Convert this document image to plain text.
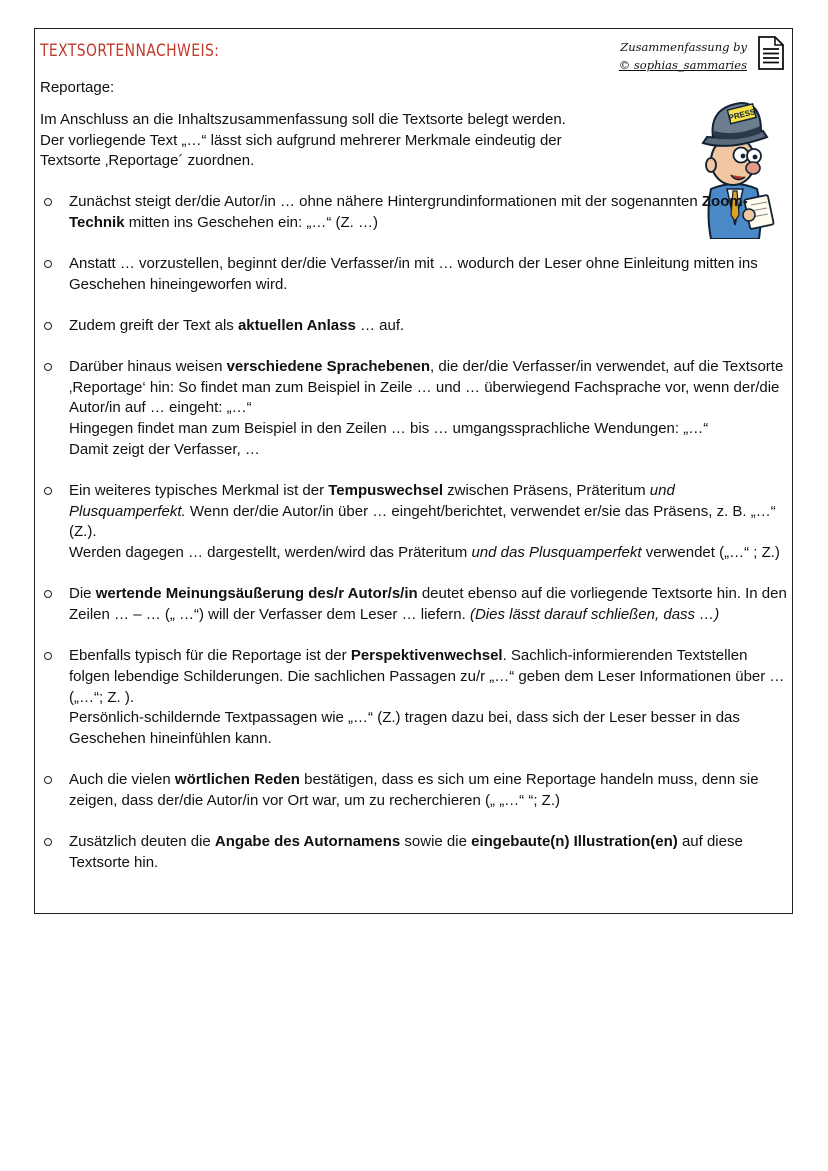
TEXTSORTENNACHWEIS:	Zusammenfassung by
© sophias_sammaries
Reportage:
Im Anschluss an die Inhaltszusammenfassung soll die Textsorte belegt werden.
Der vorliegende Text „…“ lässt sich aufgrund mehrerer Merkmale eindeutig der
Textsorte ‚Reportage´ zuordnen.
PRESS
Zunächst steigt der/die Autor/in … ohne nähere Hintergrundinformationen mit der sogenannten Zoom-Technik mitten ins Geschehen ein: „…“ (Z. …)
Anstatt … vorzustellen, beginnt der/die Verfasser/in mit … wodurch der Leser ohne Einleitung mitten ins Geschehen hineingeworfen wird.
Zudem greift der Text als aktuellen Anlass … auf.
Darüber hinaus weisen verschiedene Sprachebenen, die der/die Verfasser/in verwendet, auf die Textsorte ‚Reportage‘ hin: So findet man zum Beispiel in Zeile … und … überwiegend Fachsprache vor, wenn der/die Autor/in auf … eingeht: „…“
Hingegen findet man zum Beispiel in den Zeilen … bis … umgangssprachliche Wendungen: „…“
Damit zeigt der Verfasser, …
Ein weiteres typisches Merkmal ist der Tempuswechsel zwischen Präsens, Präteritum und Plusquamperfekt. Wenn der/die Autor/in über … eingeht/berichtet, verwendet er/sie das Präsens, z. B. „…“ (Z.).
Werden dagegen … dargestellt, werden/wird das Präteritum und das Plusquamperfekt verwendet („…“ ; Z.)
Die wertende Meinungsäußerung des/r Autor/s/in deutet ebenso auf die vorliegende Textsorte hin. In den Zeilen … – … („ …“) will der Verfasser dem Leser … liefern. (Dies lässt darauf schließen, dass …)
Ebenfalls typisch für die Reportage ist der Perspektivenwechsel. Sachlich-informierenden Textstellen folgen lebendige Schilderungen. Die sachlichen Passagen zu/r „…“ geben dem Leser Informationen über … („…“; Z. ).
Persönlich-schildernde Textpassagen wie „…“ (Z.) tragen dazu bei, dass sich der Leser besser in das Geschehen hineinfühlen kann.
Auch die vielen wörtlichen Reden bestätigen, dass es sich um eine Reportage handeln muss, denn sie zeigen, dass der/die Autor/in vor Ort war, um zu recherchieren („ „…“ “; Z.)
Zusätzlich deuten die Angabe des Autornamens sowie die eingebaute(n) Illustration(en) auf diese Textsorte hin.
